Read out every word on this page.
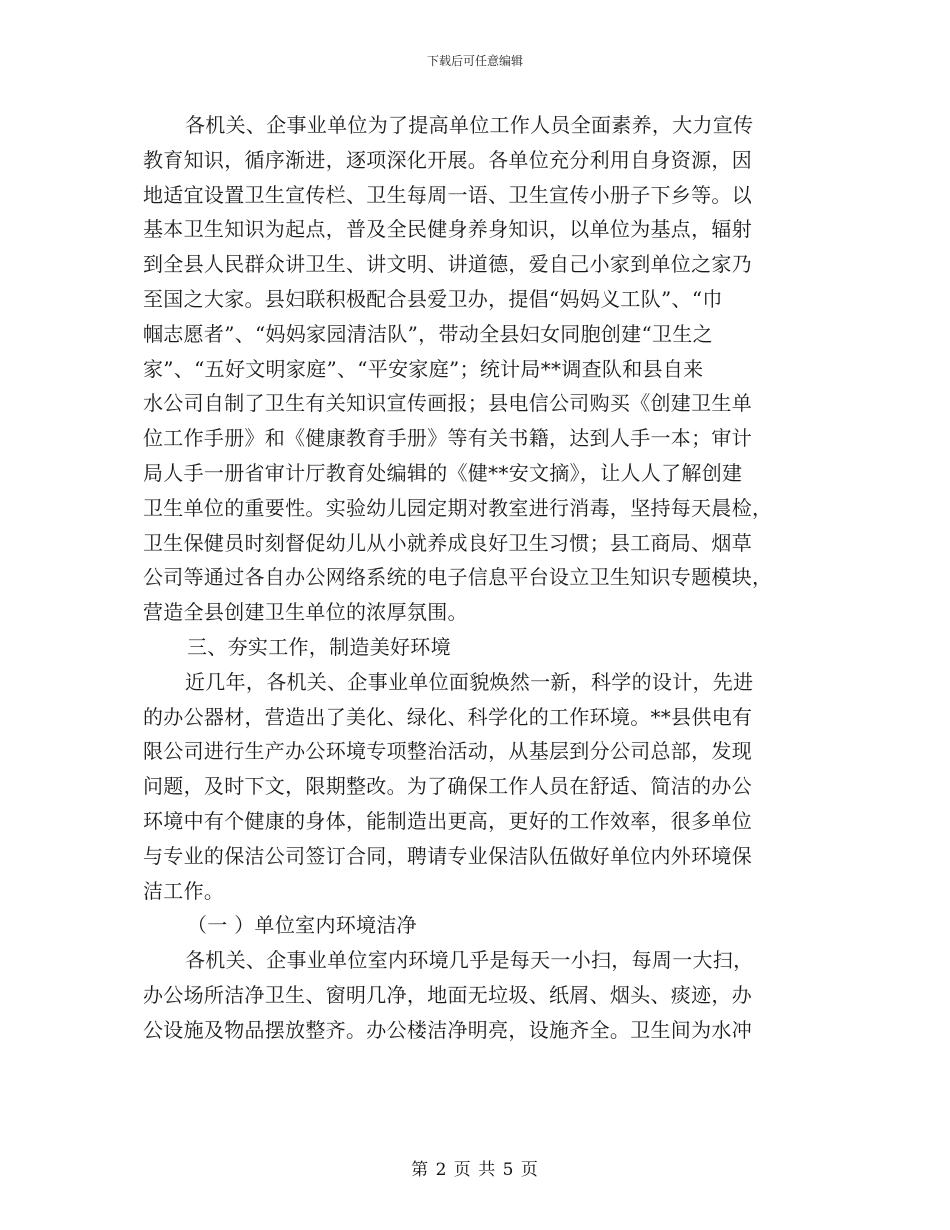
下载后可任意编辑
各机关、企事业单位为了提高单位工作人员全面素养，大力宣传
教育知识，循序渐进，逐项深化开展。各单位充分利用自身资源，因
地适宜设置卫生宣传栏、卫生每周一语、卫生宣传小册子下乡等。以
基本卫生知识为起点，普及全民健身养身知识，以单位为基点，辐射
到全县人民群众讲卫生、讲文明、讲道德，爱自己小家到单位之家乃
至国之大家。县妇联积极配合县爱卫办，提倡“妈妈义工队”、“巾
帼志愿者”、“妈妈家园清洁队”，带动全县妇女同胞创建“卫生之
家”、“五好文明家庭”、“平安家庭”；统计局**调查队和县自来
水公司自制了卫生有关知识宣传画报；县电信公司购买《创建卫生单
位工作手册》和《健康教育手册》等有关书籍，达到人手一本；审计
局人手一册省审计厅教育处编辑的《健**安文摘》，让人人了解创建
卫生单位的重要性。实验幼儿园定期对教室进行消毒，坚持每天晨检，
卫生保健员时刻督促幼儿从小就养成良好卫生习惯；县工商局、烟草
公司等通过各自办公网络系统的电子信息平台设立卫生知识专题模块，
营造全县创建卫生单位的浓厚氛围。
三、夯实工作，制造美好环境
近几年，各机关、企事业单位面貌焕然一新，科学的设计，先进
的办公器材，营造出了美化、绿化、科学化的工作环境。**县供电有
限公司进行生产办公环境专项整治活动，从基层到分公司总部，发现
问题，及时下文，限期整改。为了确保工作人员在舒适、简洁的办公
环境中有个健康的身体，能制造出更高，更好的工作效率，很多单位
与专业的保洁公司签订合同，聘请专业保洁队伍做好单位内外环境保
洁工作。
（一 ）单位室内环境洁净
各机关、企事业单位室内环境几乎是每天一小扫，每周一大扫，
办公场所洁净卫生、窗明几净，地面无垃圾、纸屑、烟头、痰迹，办
公设施及物品摆放整齐。办公楼洁净明亮，设施齐全。卫生间为水冲
第 2 页 共 5 页
